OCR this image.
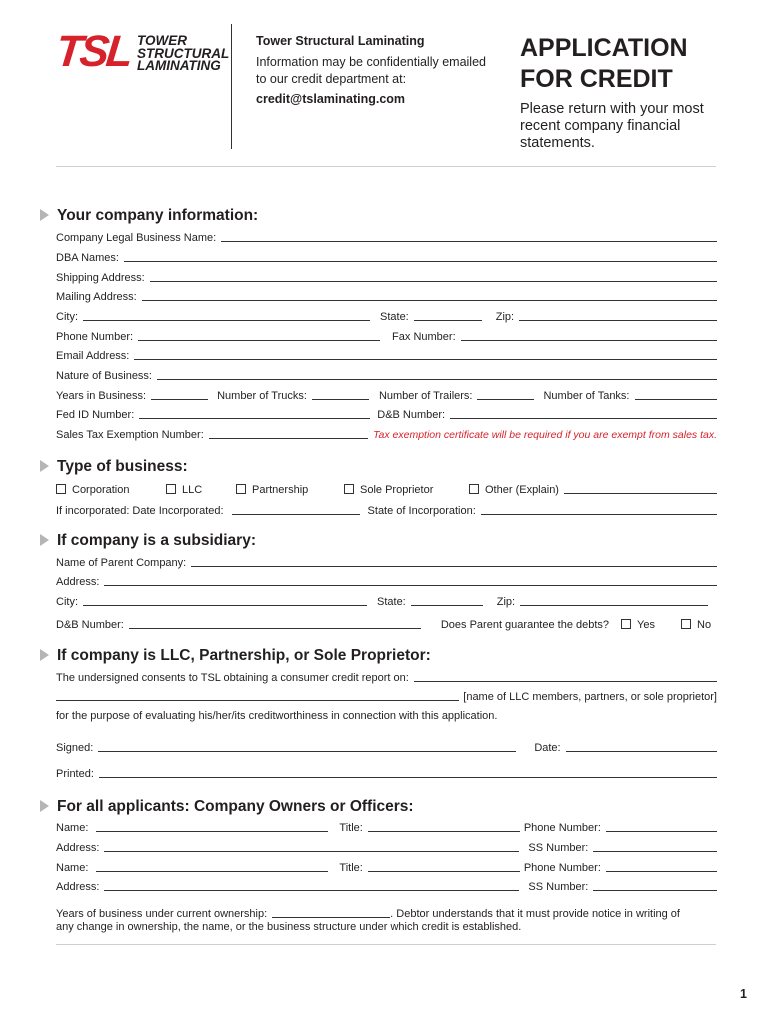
TSL TOWER
STRUCTURAL
LAMINATING
Tower Structural Laminating
Information may be confidentially emailed to our credit department at:
credit@tslaminating.com
APPLICATION
FOR CREDIT
Please return with your most recent company financial statements.
Your company information:
Company Legal Business Name:
DBA Names:
Shipping Address:
Mailing Address:
City:	State:	Zip:
Phone Number:	Fax Number:
Email Address:
Nature of Business:
Years in Business:	Number of Trucks:	Number of Trailers:	Number of Tanks:
Fed ID Number:	D&B Number:
Sales Tax Exemption Number:	Tax exemption certificate will be required if you are exempt from sales tax.
Type of business:
Corporation	LLC	Partnership	Sole Proprietor	Other (Explain)
If incorporated: Date Incorporated:	State of Incorporation:
If company is a subsidiary:
Name of Parent Company:
Address:
City:	State:	Zip:
D&B Number:	Does Parent guarantee the debts?	Yes	No
If company is LLC, Partnership, or Sole Proprietor:
The undersigned consents to TSL obtaining a consumer credit report on:
[name of LLC members, partners, or sole proprietor]
for the purpose of evaluating his/her/its creditworthiness in connection with this application.
Signed:	Date:
Printed:
For all applicants: Company Owners or Officers:
Name:	Title:	Phone Number:
Address:	SS Number:
Name:	Title:	Phone Number:
Address:	SS Number:
Years of business under current ownership:	. Debtor understands that it must provide notice in writing of
any change in ownership, the name, or the business structure under which credit is established.
1
